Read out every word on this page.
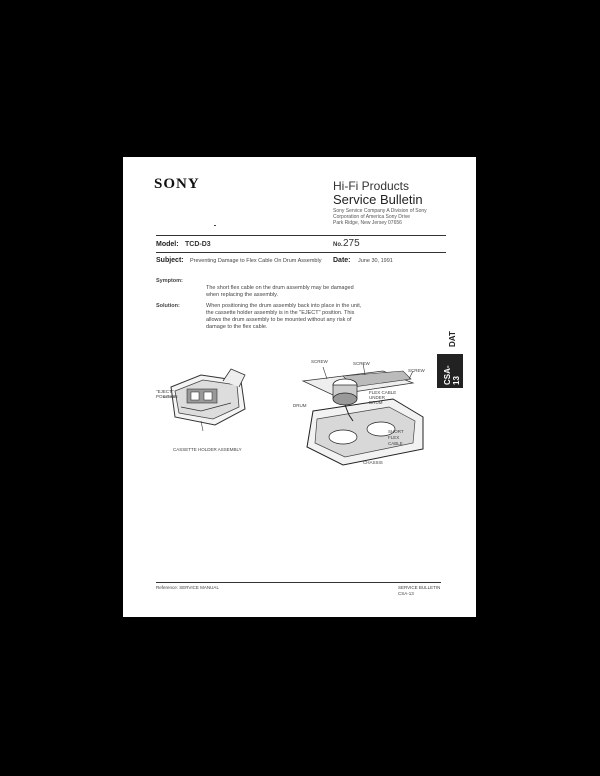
SONY	Hi-Fi Products
Service Bulletin
Sony Service Company A Division of Sony
Corporation of America Sony Drive
Park Ridge, New Jersey 07656
Model: TCD-D3	No. 275
Subject: Preventing Damage to Flex Cable On Drum Assembly Date: June 30, 1991
Symptom:
The short flex cable on the drum assembly may be damaged
when replacing the assembly.
Solution:	When positioning the drum assembly back into place in the unit,
the cassette holder assembly is in the "EJECT" position. This
allows the drum assembly to be mounted without any risk of
damage to the flex cable.
CSA-13
DAT
"EJECT" POSITION
CASSETTE HOLDER ASSEMBLY
SCREW	SCREW
SCREW
DRUM
FLEX CABLE UNDER DRUM
SHORT FLEX CABLE
CHASSIS
Reference: SERVICE MANUAL	SERVICE BULLETIN
CSA-13
